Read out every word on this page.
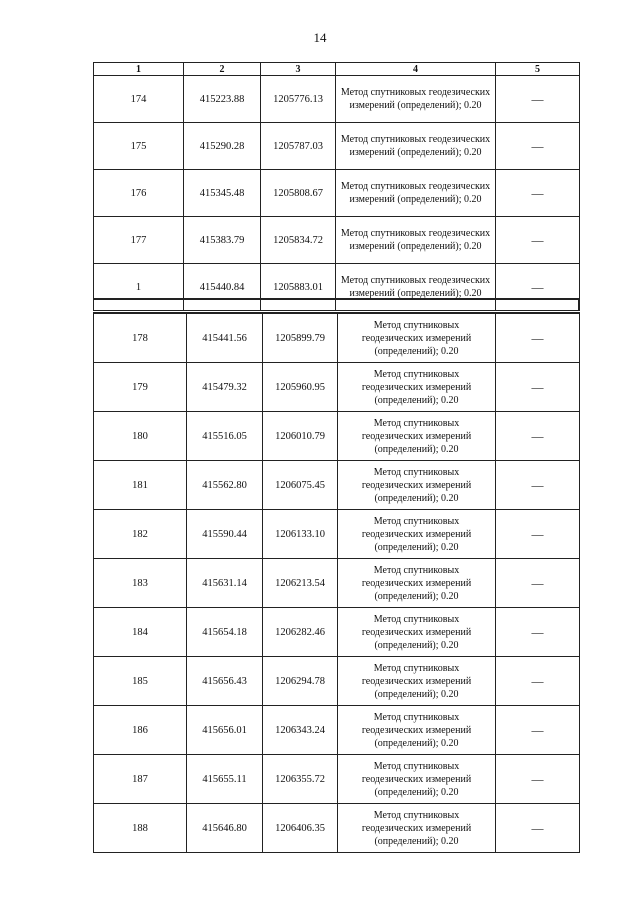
14
1	2	3	4	5
174	415223.88	1205776.13	Метод спутниковых геодезических измерений (определений); 0.20	—
175	415290.28	1205787.03	Метод спутниковых геодезических измерений (определений); 0.20	—
176	415345.48	1205808.67	Метод спутниковых геодезических измерений (определений); 0.20	—
177	415383.79	1205834.72	Метод спутниковых геодезических измерений (определений); 0.20	—
1	415440.84	1205883.01	Метод спутниковых геодезических измерений (определений); 0.20	—
178	415441.56	1205899.79	Метод спутниковых геодезических измерений (определений); 0.20	—
179	415479.32	1205960.95	Метод спутниковых геодезических измерений (определений); 0.20	—
180	415516.05	1206010.79	Метод спутниковых геодезических измерений (определений); 0.20	—
181	415562.80	1206075.45	Метод спутниковых геодезических измерений (определений); 0.20	—
182	415590.44	1206133.10	Метод спутниковых геодезических измерений (определений); 0.20	—
183	415631.14	1206213.54	Метод спутниковых геодезических измерений (определений); 0.20	—
184	415654.18	1206282.46	Метод спутниковых геодезических измерений (определений); 0.20	—
185	415656.43	1206294.78	Метод спутниковых геодезических измерений (определений); 0.20	—
186	415656.01	1206343.24	Метод спутниковых геодезических измерений (определений); 0.20	—
187	415655.11	1206355.72	Метод спутниковых геодезических измерений (определений); 0.20	—
188	415646.80	1206406.35	Метод спутниковых геодезических измерений (определений); 0.20	—
